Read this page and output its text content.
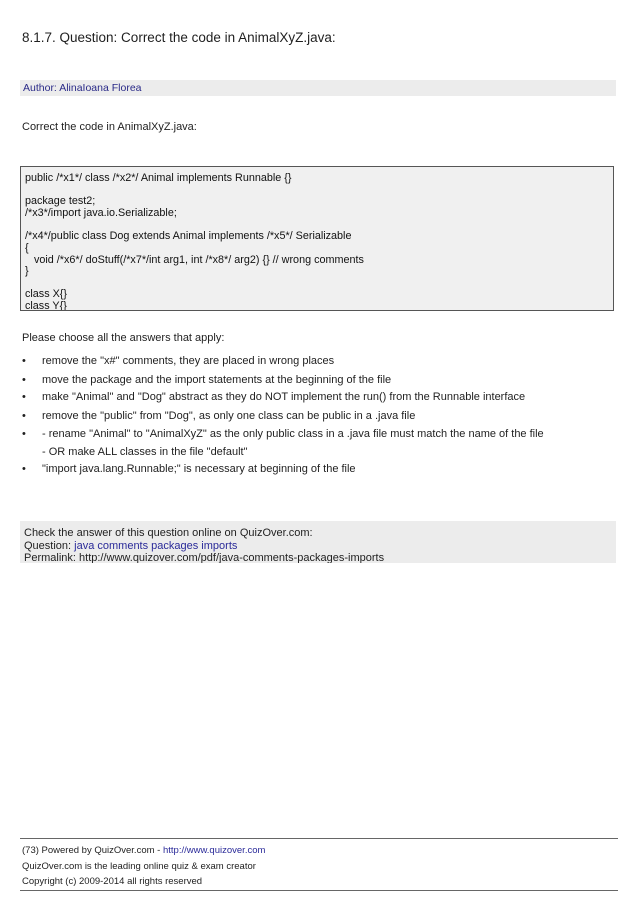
8.1.7. Question: Correct the code in AnimalXyZ.java:
Author: AlinaIoana Florea
Correct the code in AnimalXyZ.java:
public /*x1*/ class /*x2*/ Animal implements Runnable {}
package test2;
/*x3*/import java.io.Serializable;
/*x4*/public class Dog extends Animal implements /*x5*/ Serializable
{
void /*x6*/ doStuff(/*x7*/int arg1, int /*x8*/ arg2) {} // wrong comments
}
class X{}
class Y{}
Please choose all the answers that apply:
• remove the "x#" comments, they are placed in wrong places
• move the package and the import statements at the beginning of the file
• make "Animal" and "Dog" abstract as they do NOT implement the run() from the Runnable interface
• remove the "public" from "Dog", as only one class can be public in a .java file
• - rename "Animal" to "AnimalXyZ" as the only public class in a .java file must match the name of the file
- OR make ALL classes in the file "default"
• "import java.lang.Runnable;" is necessary at beginning of the file
Check the answer of this question online on QuizOver.com:
Question: java comments packages imports
Permalink: http://www.quizover.com/pdf/java-comments-packages-imports
(73) Powered by QuizOver.com - http://www.quizover.com
QuizOver.com is the leading online quiz & exam creator
Copyright (c) 2009-2014 all rights reserved
